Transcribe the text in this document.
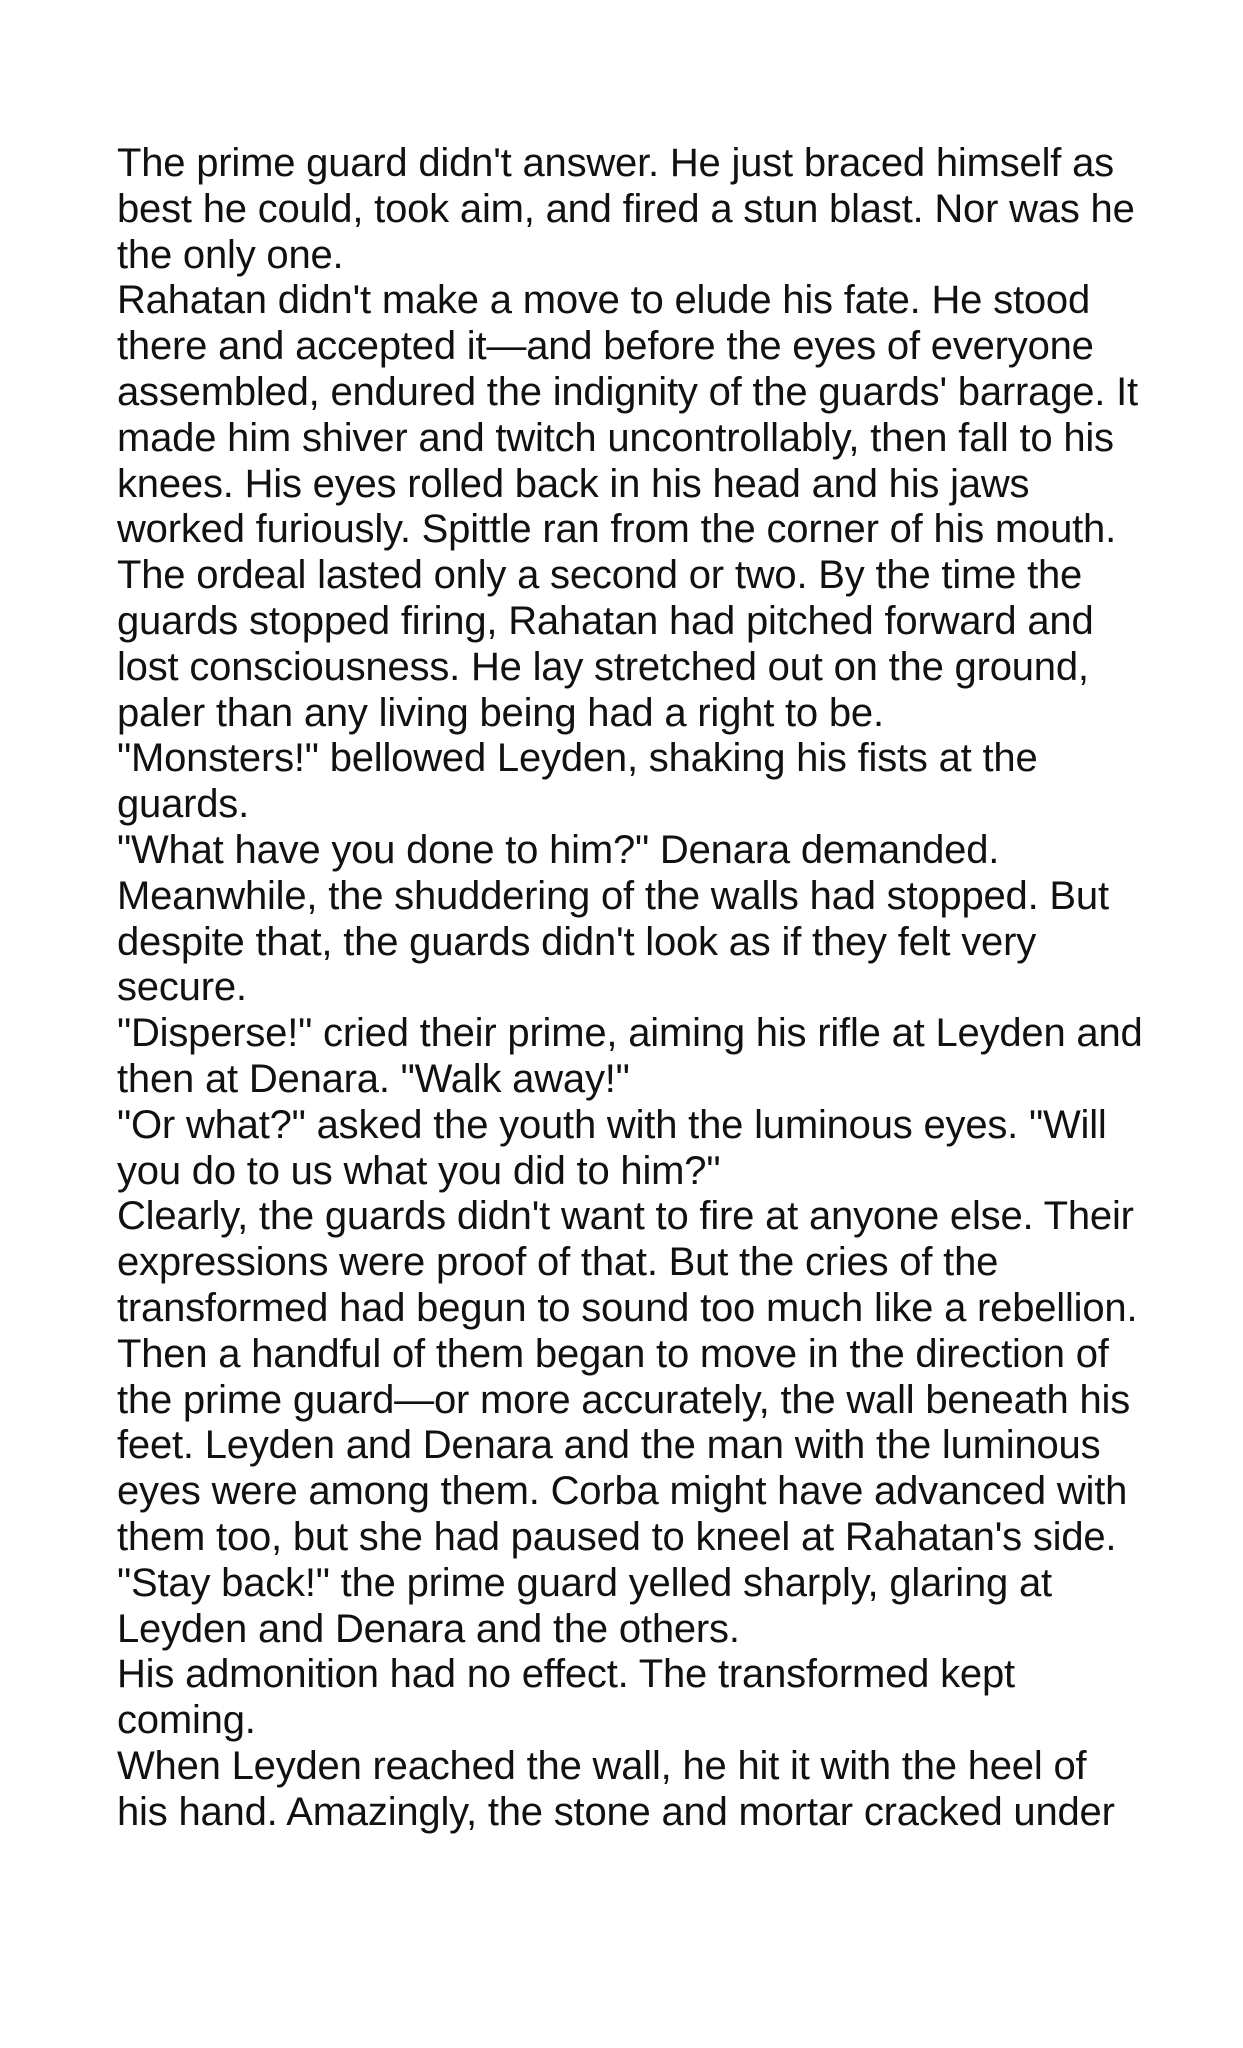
The prime guard didn't answer. He just braced himself as best he could, took aim, and fired a stun blast. Nor was he the only one.

Rahatan didn't make a move to elude his fate. He stood there and accepted it—and before the eyes of everyone assembled, endured the indignity of the guards' barrage. It made him shiver and twitch uncontrollably, then fall to his knees. His eyes rolled back in his head and his jaws worked furiously. Spittle ran from the corner of his mouth.

The ordeal lasted only a second or two. By the time the guards stopped firing, Rahatan had pitched forward and lost consciousness. He lay stretched out on the ground, paler than any living being had a right to be.

"Monsters!" bellowed Leyden, shaking his fists at the guards.

"What have you done to him?" Denara demanded.

Meanwhile, the shuddering of the walls had stopped. But despite that, the guards didn't look as if they felt very secure.

"Disperse!" cried their prime, aiming his rifle at Leyden and then at Denara. "Walk away!"

"Or what?" asked the youth with the luminous eyes. "Will you do to us what you did to him?"

Clearly, the guards didn't want to fire at anyone else. Their expressions were proof of that. But the cries of the transformed had begun to sound too much like a rebellion.

Then a handful of them began to move in the direction of the prime guard—or more accurately, the wall beneath his feet. Leyden and Denara and the man with the luminous eyes were among them. Corba might have advanced with them too, but she had paused to kneel at Rahatan's side.

"Stay back!" the prime guard yelled sharply, glaring at Leyden and Denara and the others.

His admonition had no effect. The transformed kept coming.

When Leyden reached the wall, he hit it with the heel of his hand. Amazingly, the stone and mortar cracked under
